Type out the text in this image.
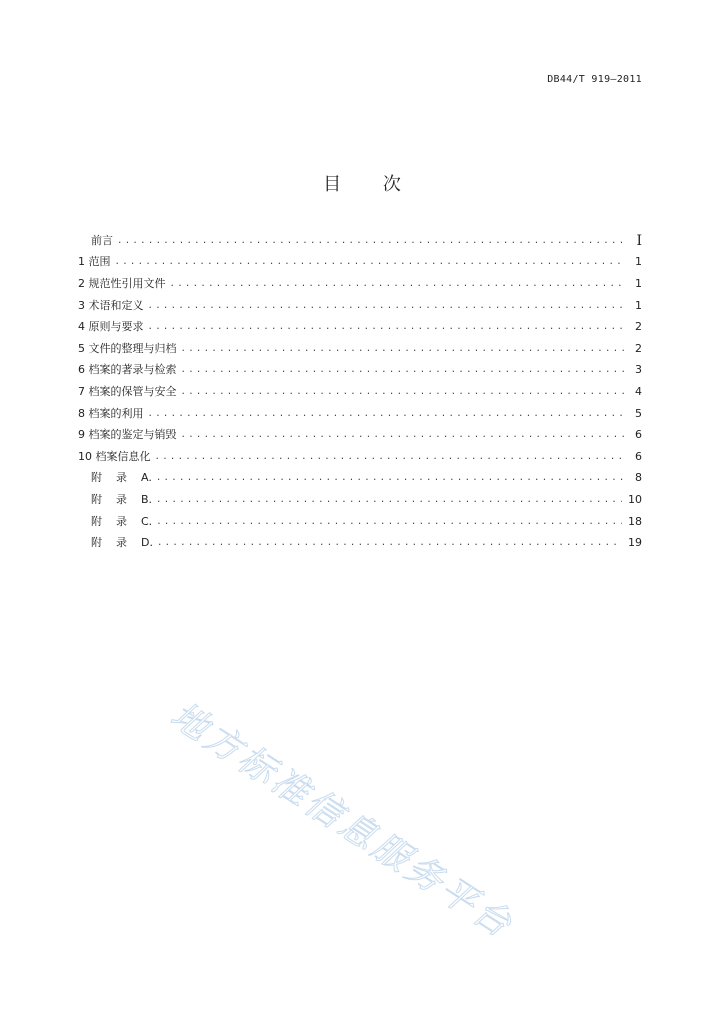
DB44/T 919—2011
目 次
前言 .....	I
1 范围 .....	1
2 规范性引用文件 .....	1
3 术语和定义 .....	1
4 原则与要求 .....	2
5 文件的整理与归档 .....	2
6 档案的著录与检索 .....	3
7 档案的保管与安全 .....	4
8 档案的利用 .....	5
9 档案的鉴定与销毁 .....	6
10 档案信息化 .....	6
附录A. .....	8
附录B. .....	10
附录C. .....	18
附录D. .....	19
地方标准信息服务平台
